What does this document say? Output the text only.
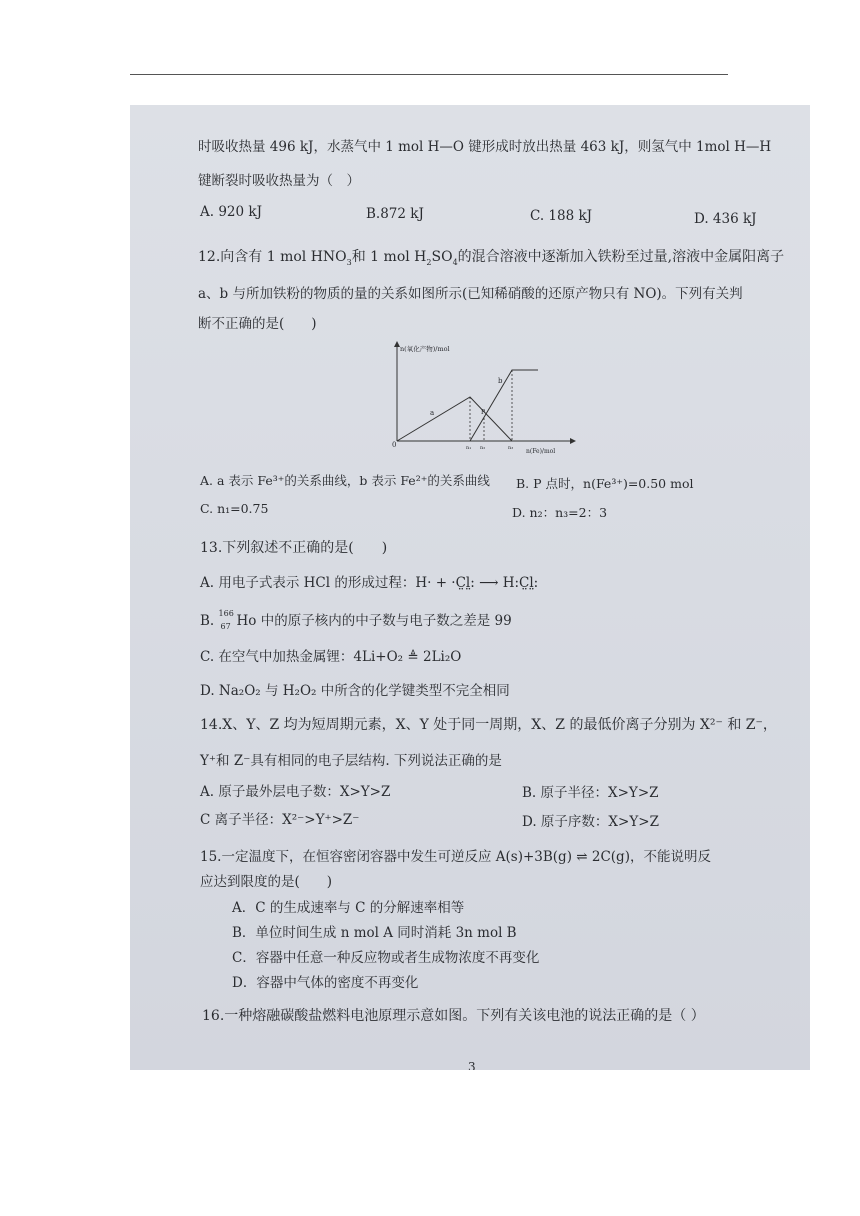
时吸收热量 496 kJ，水蒸气中 1 mol H—O 键形成时放出热量 463 kJ，则氢气中 1mol H—H
键断裂时吸收热量为（　）
A. 920 kJ	B.872 kJ	C. 188 kJ	D. 436 kJ
12.向含有 1 mol $HNO_3$和 1 mol $H_2SO_4$的混合溶液中逐渐加入铁粉至过量,溶液中金属阳离子
a、b 与所加铁粉的物质的量的关系如图所示(已知稀硝酸的还原产物只有 NO)。下列有关判
断不正确的是(　　)
n(氧化产物)/mol
n(Fe)/mol
0
a
b
P
n₁ n₂	n₃
A. a 表示 Fe³⁺的关系曲线，b 表示 Fe²⁺的关系曲线 B. P 点时，n(Fe³⁺)=0.50 mol
C. n₁=0.75	D. n₂：n₃=2：3
13.下列叙述不正确的是(　　)
A. 用电子式表示 HCl 的形成过程：H· + ·C̤l̤: ⟶ H:C̤l̤:
B. 166
67 Ho 中的原子核内的中子数与电子数之差是 99
C. 在空气中加热金属锂：4Li+O₂ ≜ 2Li₂O
D. Na₂O₂ 与 H₂O₂ 中所含的化学键类型不完全相同
14.X、Y、Z 均为短周期元素，X、Y 处于同一周期，X、Z 的最低价离子分别为 X²⁻ 和 Z⁻，
Y⁺和 Z⁻具有相同的电子层结构. 下列说法正确的是
A. 原子最外层电子数：X>Y>Z	B. 原子半径：X>Y>Z
C 离子半径：X²⁻>Y⁺>Z⁻	D. 原子序数：X>Y>Z
15.一定温度下，在恒容密闭容器中发生可逆反应 A(s)+3B(g) ⇌ 2C(g)，不能说明反
应达到限度的是(　　)
A．C 的生成速率与 C 的分解速率相等
B．单位时间生成 n mol A 同时消耗 3n mol B
C．容器中任意一种反应物或者生成物浓度不再变化
D．容器中气体的密度不再变化
16.一种熔融碳酸盐燃料电池原理示意如图。下列有关该电池的说法正确的是（ ）
3
